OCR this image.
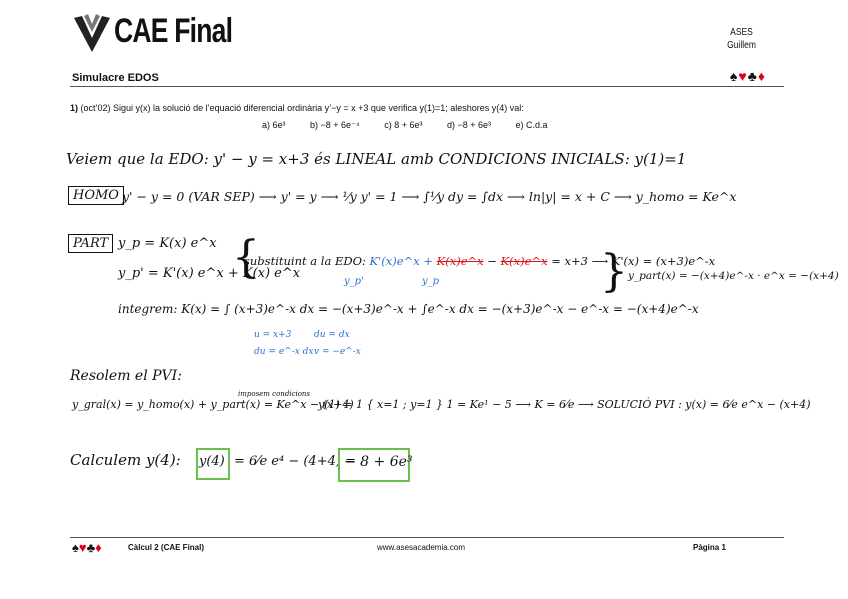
CAE Final	ASES
Guillem
Simulacre EDOS	♠♥♣♦
1) (oct’02) Sigui y(x) la solució de l’equació diferencial ordinària y’−y = x +3 que verifica y(1)=1; aleshores y(4) val:
a) 6e³	b) −8 + 6e⁻⁴	c) 8 + 6e³	d) −8 + 6e³	e) C.d.a
Veiem que la EDO: y' − y = x+3 és LINEAL amb CONDICIONS INICIALS: y(1)=1
HOMO y' − y = 0 (VAR SEP) ⟶ y' = y ⟶ ¹⁄y y' = 1 ⟶ ∫¹⁄y dy = ∫dx ⟶ ln|y| = x + C ⟶ y_homo = Ke^x
PART y_p = K(x) e^x
y_p' = K'(x) e^x + K(x) e^x
{
substituint a la EDO: K'(x)e^x + K(x)e^x − K(x)e^x = x+3 ⟶ K'(x) = (x+3)e^-x
y_p'	y_p	} y_part(x) = −(x+4)e^-x · e^x = −(x+4)
integrem: K(x) = ∫ (x+3)e^-x dx = −(x+3)e^-x + ∫e^-x dx = −(x+3)e^-x − e^-x = −(x+4)e^-x
u = x+3	du = dx
du = e^-x dx v = −e^-x
Resolem el PVI:
y_gral(x) = y_homo(x) + y_part(x) = Ke^x − (x+4)
imposem condicions
y(1) = 1 { x=1 ; y=1 } 1 = Ke¹ − 5 ⟶ K = 6⁄e ⟶ SOLUCIÓ PVI : y(x) = 6⁄e e^x − (x+4)
Calculem y(4): y(4) = 6⁄e e⁴ − (4+4) =
− 8 + 6e³
♠♥♣♦	Càlcul 2 (CAE Final)	www.asesacademia.com	Pàgina 1
